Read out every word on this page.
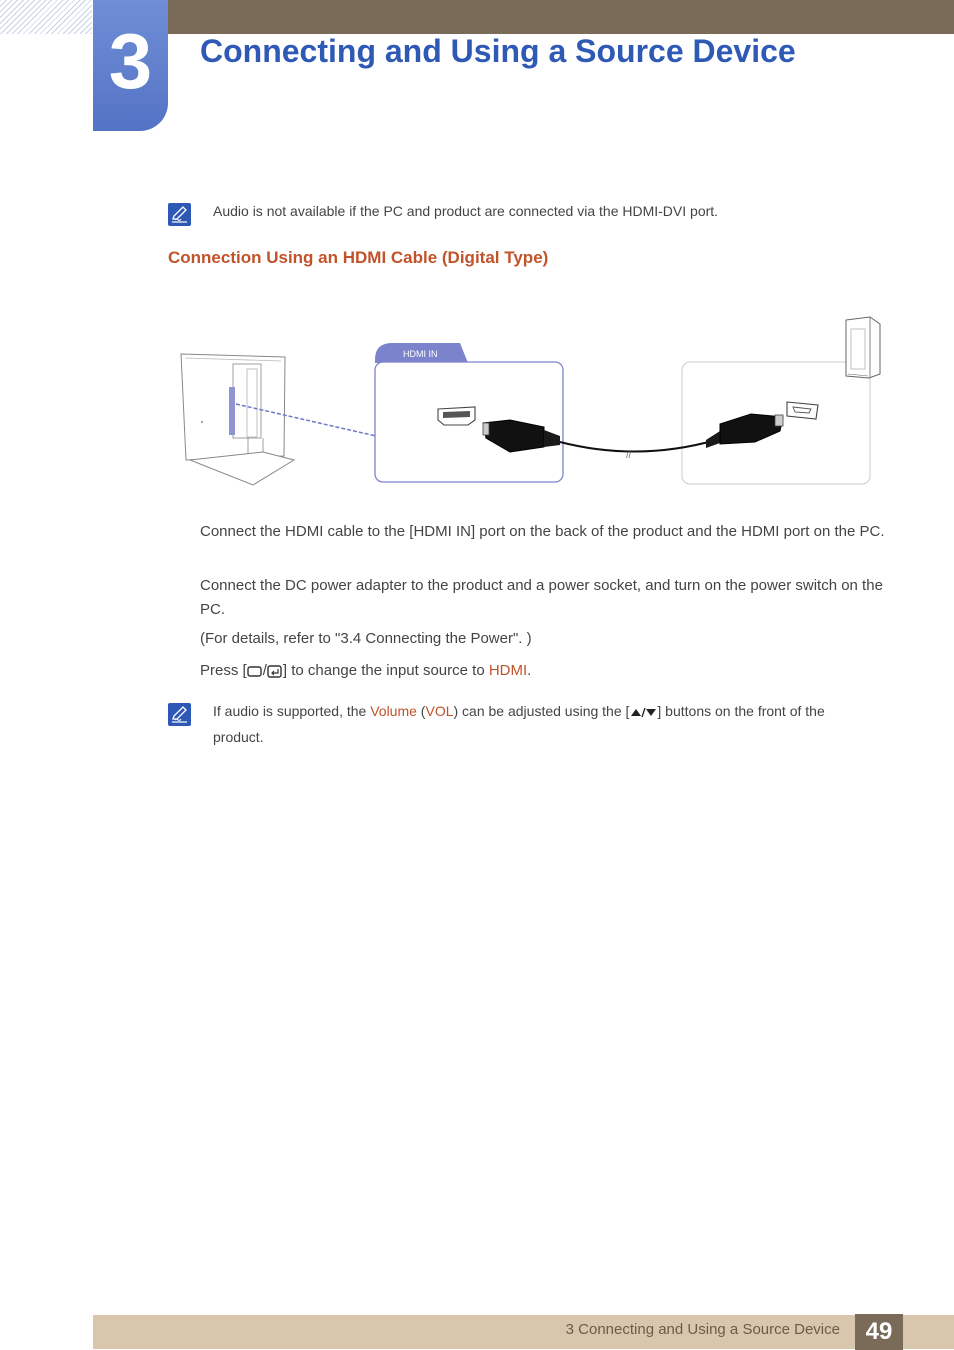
3 Connecting and Using a Source Device
Audio is not available if the PC and product are connected via the HDMI-DVI port.
Connection Using an HDMI Cable (Digital Type)
HDMI IN
//

Connect the HDMI cable to the [HDMI IN] port on the back of the product and the HDMI port on the PC.

Connect the DC power adapter to the product and a power socket, and turn on the power switch on the PC.

(For details, refer to "3.4 Connecting the Power". )

Press [ / ] to change the input source to HDMI.

If audio is supported, the Volume (VOL) can be adjusted using the [ ] buttons on the front of the product.
3 Connecting and Using a Source Device	49
